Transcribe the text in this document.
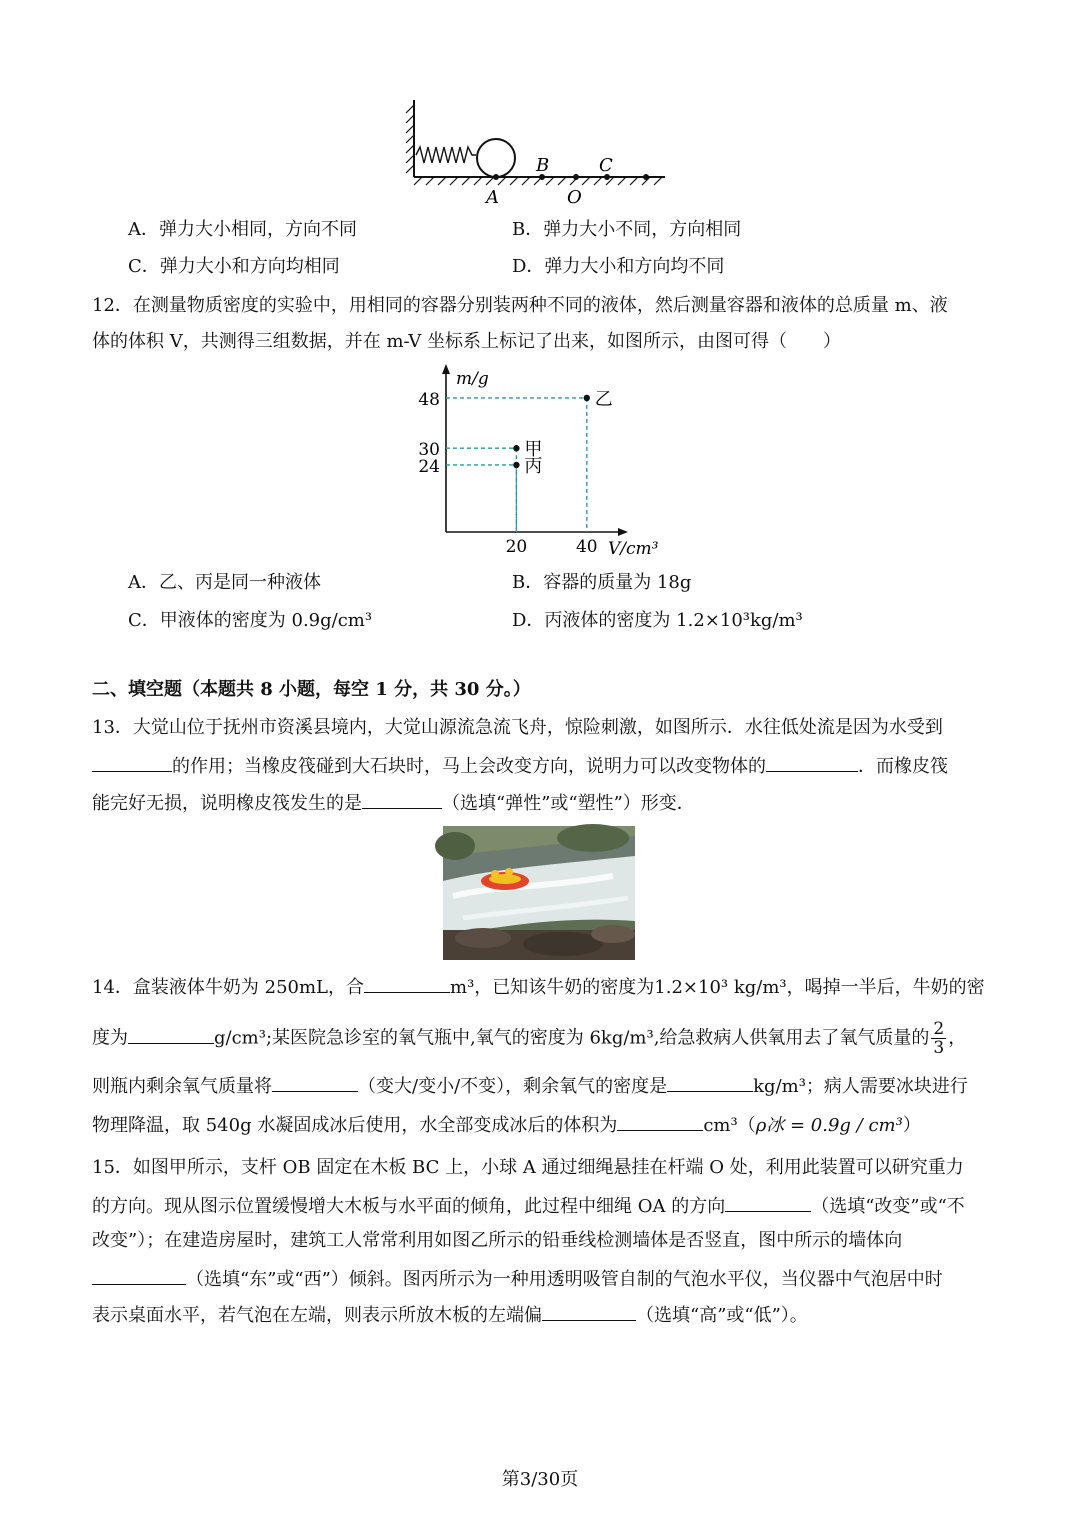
B	C
A	O
A．弹力大小相同，方向不同	B．弹力大小不同，方向相同
C．弹力大小和方向均相同	D．弹力大小和方向均不同
12．在测量物质密度的实验中，用相同的容器分别装两种不同的液体，然后测量容器和液体的总质量 m、液
体的体积 V，共测得三组数据，并在 m-V 坐标系上标记了出来，如图所示，由图可得（　　）
m/g
V/cm³
甲
丙
乙
48
30
24
20	40
A．乙、丙是同一种液体	B．容器的质量为 18g
C．甲液体的密度为 0.9g/cm³	D．丙液体的密度为 1.2×10³kg/m³
二、填空题（本题共 8 小题，每空 1 分，共 30 分。）
13．大觉山位于抚州市资溪县境内，大觉山源流急流飞舟，惊险刺激，如图所示．水往低处流是因为水受到
的作用；当橡皮筏碰到大石块时，马上会改变方向，说明力可以改变物体的	．而橡皮筏
能完好无损，说明橡皮筏发生的是	（选填“弹性”或“塑性”）形变．
14．盒装液体牛奶为 250mL，合	m³，已知该牛奶的密度为1.2×10³ kg/m³，喝掉一半后，牛奶的密
度为	g/cm³;某医院急诊室的氧气瓶中,氧气的密度为 6kg/m³,给急救病人供氧用去了氧气质量的 $\frac{2}{3}$ ，
则瓶内剩余氧气质量将	（变大/变小/不变），剩余氧气的密度是	kg/m³；病人需要冰块进行
物理降温，取 540g 水凝固成冰后使用，水全部变成冰后的体积为	cm³（ρ冰 = 0.9g / cm³）
15．如图甲所示，支杆 OB 固定在木板 BC 上，小球 A 通过细绳悬挂在杆端 O 处，利用此装置可以研究重力
的方向。现从图示位置缓慢增大木板与水平面的倾角，此过程中细绳 OA 的方向	（选填“改变”或“不
改变”）；在建造房屋时，建筑工人常常利用如图乙所示的铅垂线检测墙体是否竖直，图中所示的墙体向
（选填“东”或“西”）倾斜。图丙所示为一种用透明吸管自制的气泡水平仪，当仪器中气泡居中时
表示桌面水平，若气泡在左端，则表示所放木板的左端偏	（选填“高”或“低”）。
第3/30页
